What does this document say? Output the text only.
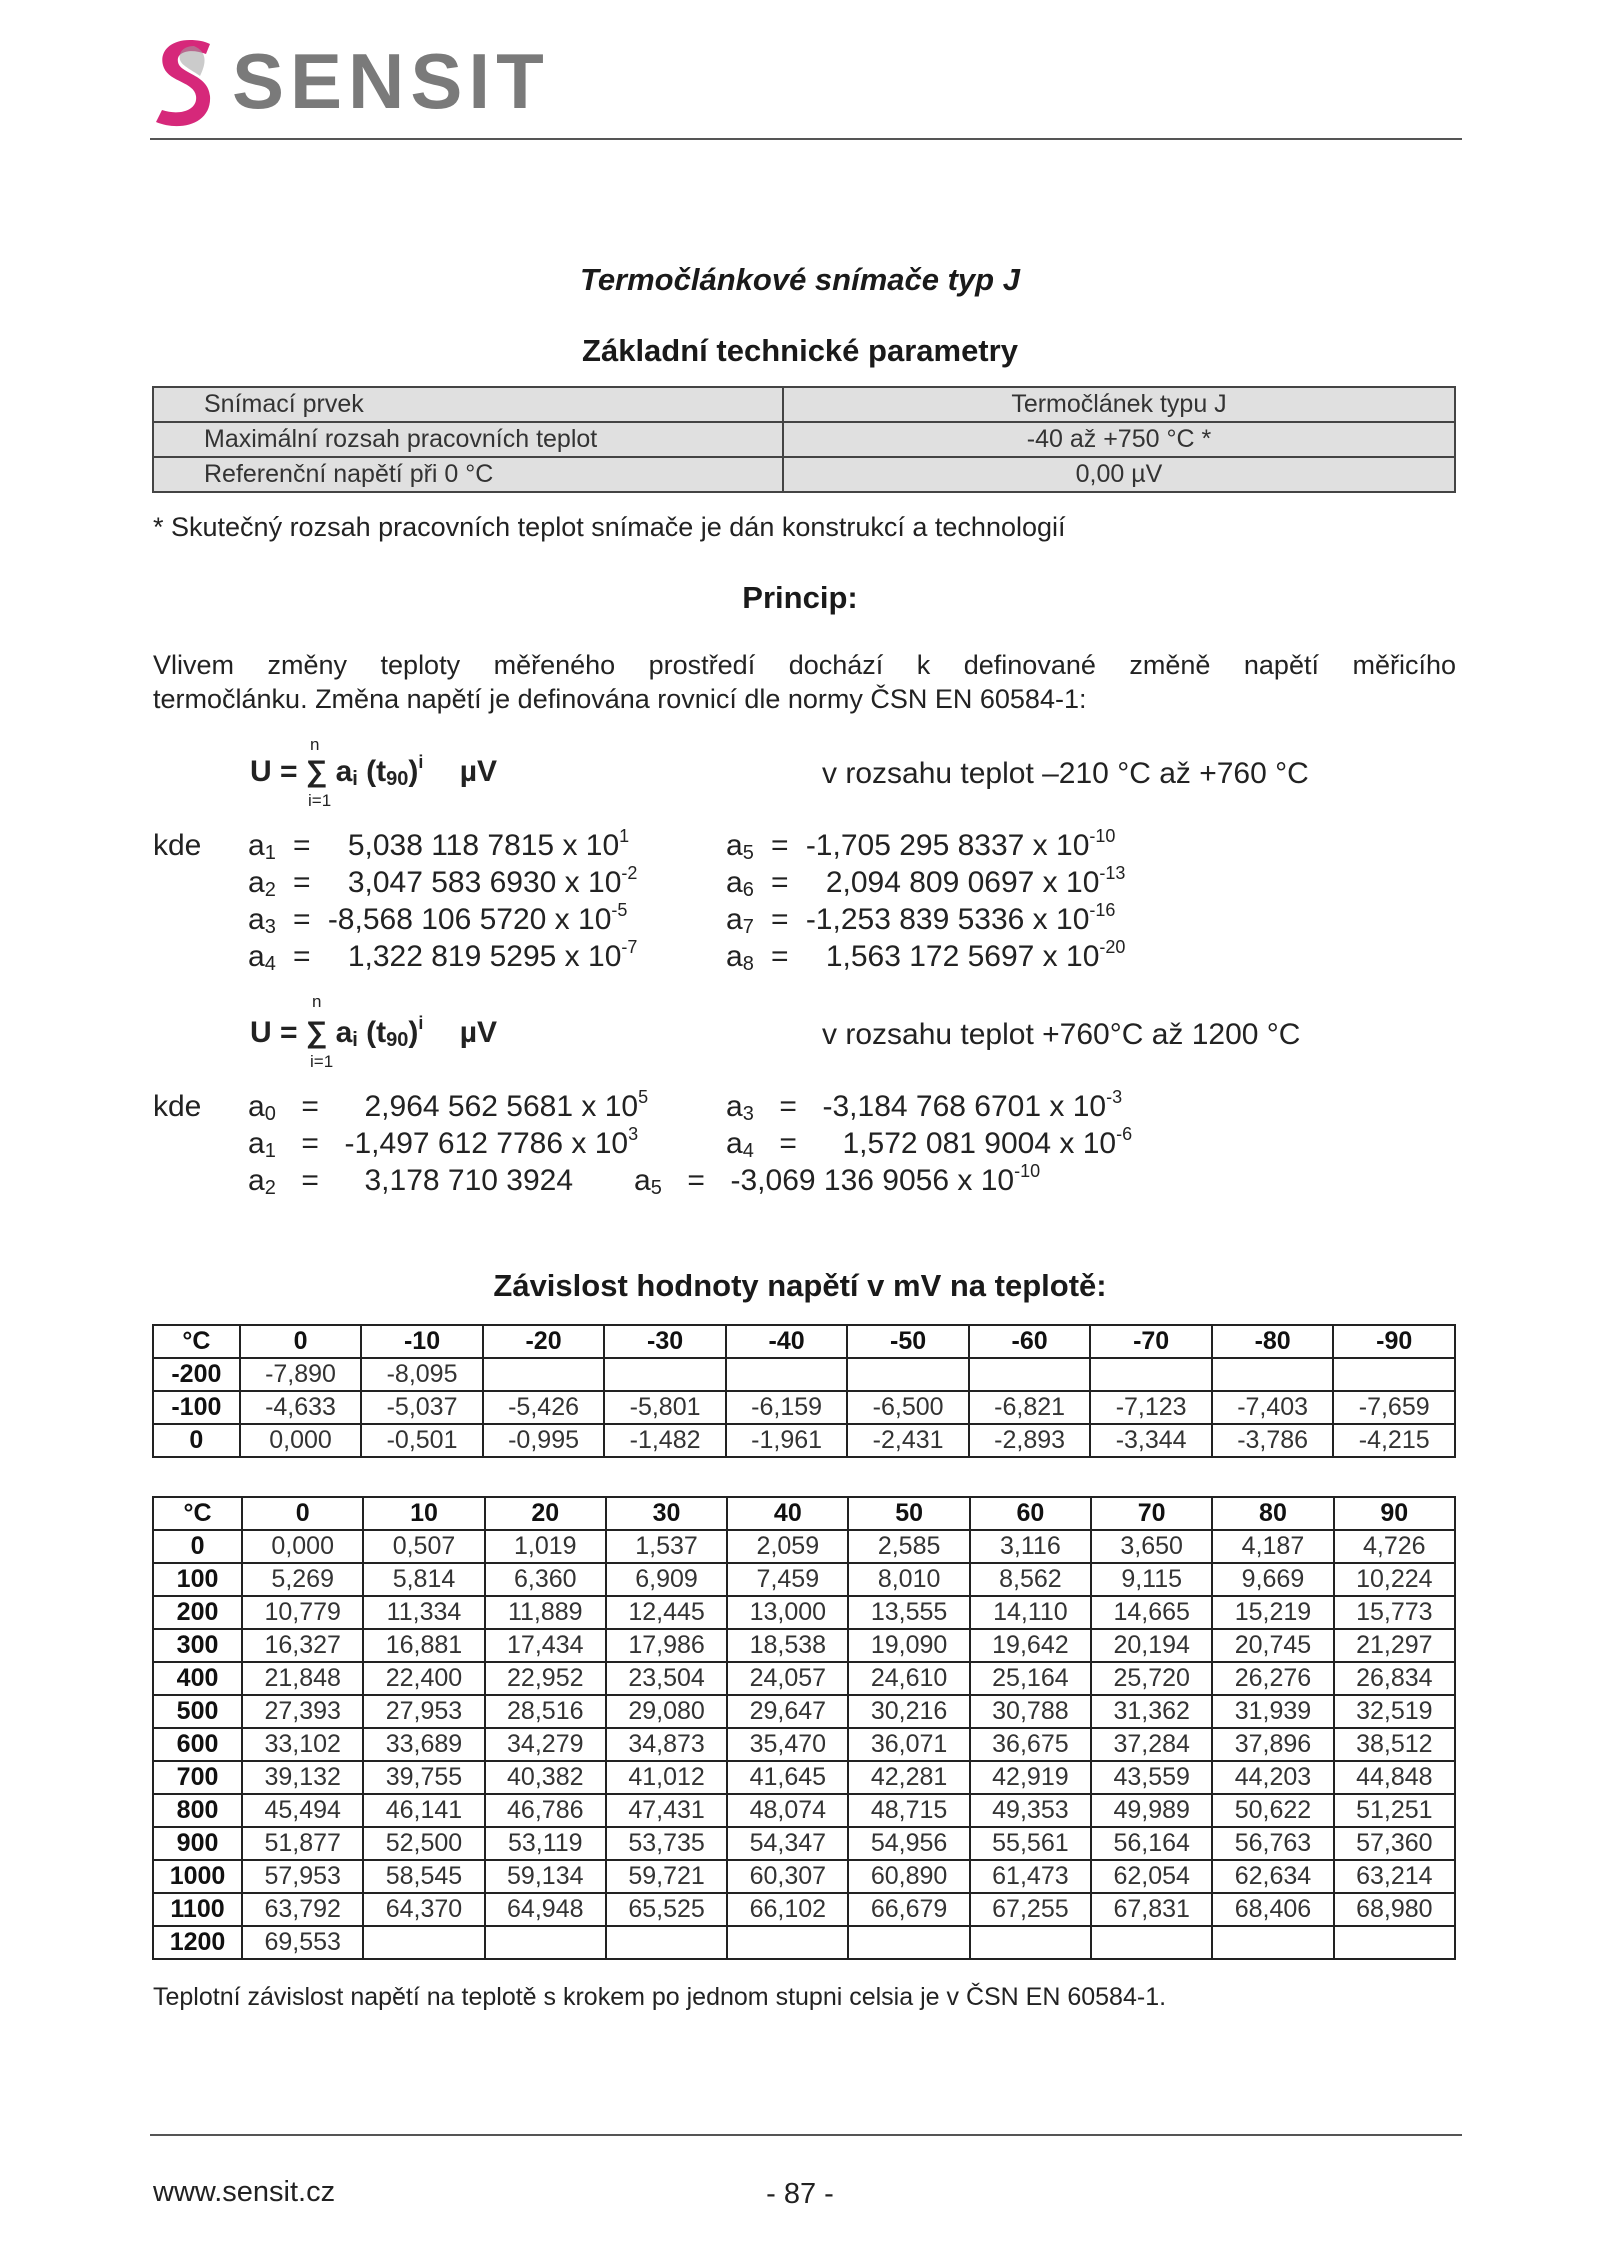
SENSIT
Termočlánkové snímače typ J
Základní technické parametry
Snímací prvek	Termočlánek typu J
Maximální rozsah pracovních teplot	-40 až +750 °C *
Referenční napětí při 0 °C	0,00 µV
* Skutečný rozsah pracovních teplot snímače je dán konstrukcí a technologií
Princip:
Vlivem změny teploty měřeného prostředí dochází k definované změně napětí měřicího
termočlánku. Změna napětí je definována rovnicí dle normy ČSN EN 60584-1:
n
U = ∑ $a_i$ $(t_{90})^i$ µV
i=1
v rozsahu teplot –210 °C až +760 °C
kde $a_1 = 5,038$ 118 7815 x $10^1$
$a_2 = 3,047$ 583 6930 x $10^{-2}$
$a_3 = -8,568$ 106 5720 x $10^{-5}$
$a_4 = 1,322$ 819 5295 x $10^{-7}$
$a_5 = -1,705$ 295 8337 x $10^{-10}$
$a_6 = 2,094$ 809 0697 x $10^{-13}$
$a_7 = -1,253$ 839 5336 x $10^{-16}$
$a_8 = 1,563$ 172 5697 x $10^{-20}$
n
U = ∑ $a_i$ $(t_{90})^i$ µV
i=1
v rozsahu teplot +760°C až 1200 °C
kde $a_0 = 2,964$ 562 5681 x $10^5$
$a_1 = -1,497$ 612 7786 x $10^3$
$a_2 = 3,178$ 710 3924
$a_3 = -3,184$ 768 6701 x $10^{-3}$
$a_4 = 1,572$ 081 9004 x $10^{-6}$
$a_5 = -3,069$ 136 9056 x $10^{-10}$
Závislost hodnoty napětí v mV na teplotě:
°C	0	-10	-20	-30	-40	-50	-60	-70	-80	-90
-200	-7,890	-8,095								
-100	-4,633	-5,037	-5,426	-5,801	-6,159	-6,500	-6,821	-7,123	-7,403	-7,659
0	0,000	-0,501	-0,995	-1,482	-1,961	-2,431	-2,893	-3,344	-3,786	-4,215
°C	0	10	20	30	40	50	60	70	80	90
0	0,000	0,507	1,019	1,537	2,059	2,585	3,116	3,650	4,187	4,726
100	5,269	5,814	6,360	6,909	7,459	8,010	8,562	9,115	9,669	10,224
200	10,779	11,334	11,889	12,445	13,000	13,555	14,110	14,665	15,219	15,773
300	16,327	16,881	17,434	17,986	18,538	19,090	19,642	20,194	20,745	21,297
400	21,848	22,400	22,952	23,504	24,057	24,610	25,164	25,720	26,276	26,834
500	27,393	27,953	28,516	29,080	29,647	30,216	30,788	31,362	31,939	32,519
600	33,102	33,689	34,279	34,873	35,470	36,071	36,675	37,284	37,896	38,512
700	39,132	39,755	40,382	41,012	41,645	42,281	42,919	43,559	44,203	44,848
800	45,494	46,141	46,786	47,431	48,074	48,715	49,353	49,989	50,622	51,251
900	51,877	52,500	53,119	53,735	54,347	54,956	55,561	56,164	56,763	57,360
1000	57,953	58,545	59,134	59,721	60,307	60,890	61,473	62,054	62,634	63,214
1100	63,792	64,370	64,948	65,525	66,102	66,679	67,255	67,831	68,406	68,980
1200	69,553									
Teplotní závislost napětí na teplotě s krokem po jednom stupni celsia je v ČSN EN 60584-1.
www.sensit.cz	- 87 -
